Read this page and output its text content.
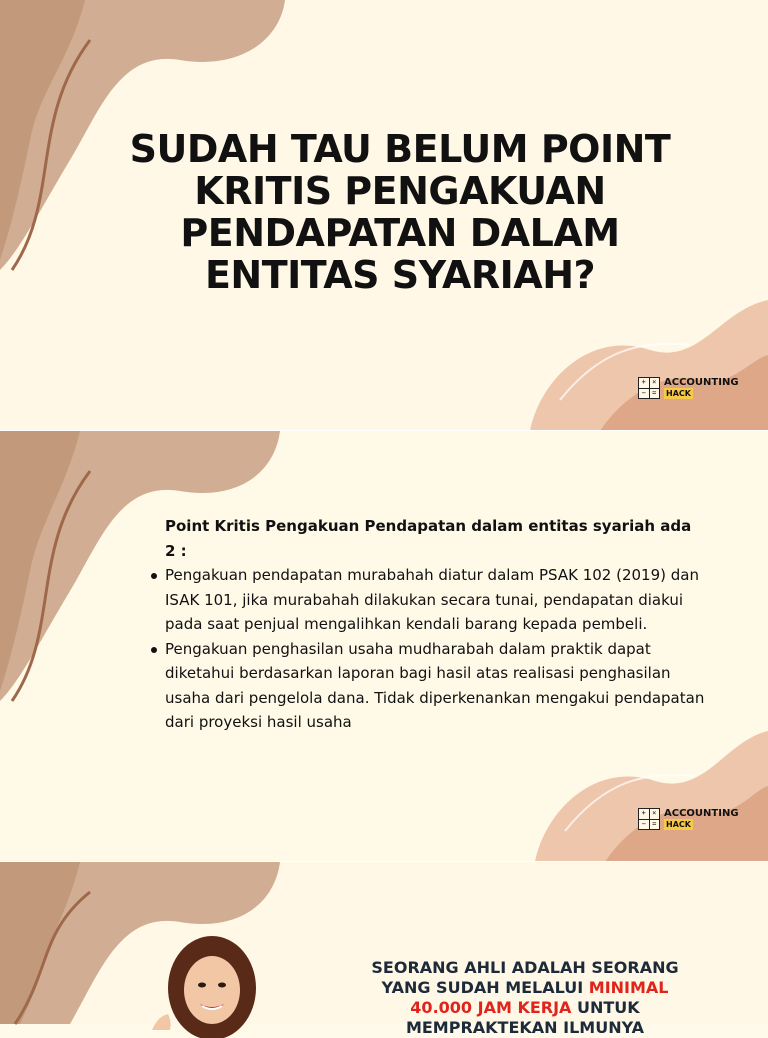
SUDAH TAU BELUM POINT KRITIS PENGAKUAN PENDAPATAN DALAM ENTITAS SYARIAH?
+ ×
− =
ACCOUNTING
HACK

Point Kritis Pengakuan Pendapatan dalam entitas syariah ada 2 :

Pengakuan pendapatan murabahah diatur dalam PSAK 102 (2019) dan ISAK 101, jika murabahah dilakukan secara tunai, pendapatan diakui pada saat penjual mengalihkan kendali barang kepada pembeli.
Pengakuan penghasilan usaha mudharabah dalam praktik dapat diketahui berdasarkan laporan bagi hasil atas realisasi penghasilan usaha dari pengelola dana. Tidak diperkenankan mengakui pendapatan dari proyeksi hasil usaha
+ ×
− =
ACCOUNTING
HACK
SEORANG AHLI ADALAH SEORANG YANG SUDAH MELALUI MINIMAL 40.000 JAM KERJA UNTUK MEMPRAKTEKAN ILMUNYA
